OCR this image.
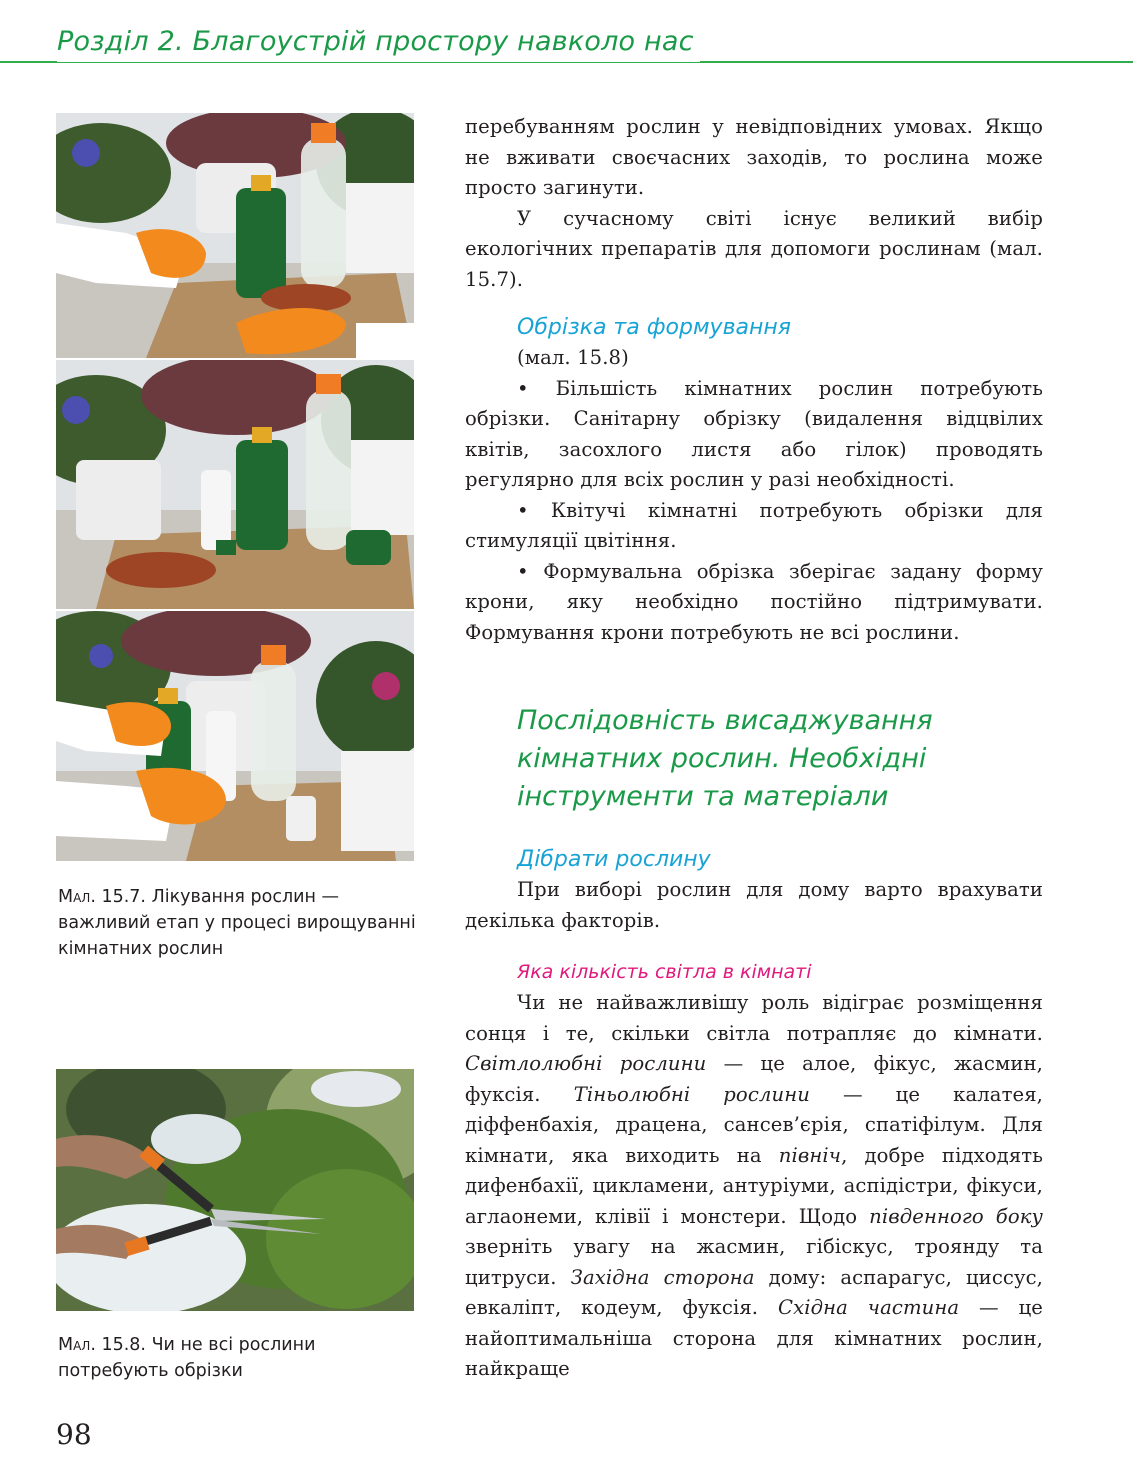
Розділ 2. Благоустрій простору навколо нас
Мал. 15.7. Лікування рослин — важливий етап у процесі вирощуванні кімнатних рослин
Мал. 15.8. Чи не всі рослини потребують обрізки
98

перебуванням рослин у невідповідних умовах. Якщо не вживати своєчасних заходів, то рослина може просто загинути.

У сучасному світі існує великий вибір екологічних препаратів для допомоги рослинам (мал. 15.7).

Обрізка та формування

(мал. 15.8)

• Більшість кімнатних рослин потребують обрізки. Санітарну обрізку (видалення відцвілих квітів, засохлого листя або гілок) проводять регулярно для всіх рослин у разі необхідності.

• Квітучі кімнатні потребують обрізки для стимуляції цвітіння.

• Формувальна обрізка зберігає задану форму крони, яку необхідно постійно підтримувати. Формування крони потребують не всі рослини.

Послідовність висаджування кімнатних рослин. Необхідні інструменти та матеріали

Дібрати рослину

При виборі рослин для дому варто врахувати декілька факторів.

Яка кількість світла в кімнаті

Чи не найважливішу роль відіграє розміщення сонця і те, скільки світла потрапляє до кімнати. Світлолюбні рослини — це алое, фікус, жасмин, фуксія. Тіньолюбні рослини — це калатея, діффенбахія, драцена, сансев’єрія, спатіфілум. Для кімнати, яка виходить на північ, добре підходять дифенбахії, цикламени, антуріуми, аспідістри, фікуси, аглаонеми, клівії і монстери. Щодо південного боку зверніть увагу на жасмин, гібіскус, троянду та цитруси. Західна сторона дому: аспарагус, циссус, евкаліпт, кодеум, фуксія. Східна частина — це найоптимальніша сторона для кімнатних рослин, найкраще
